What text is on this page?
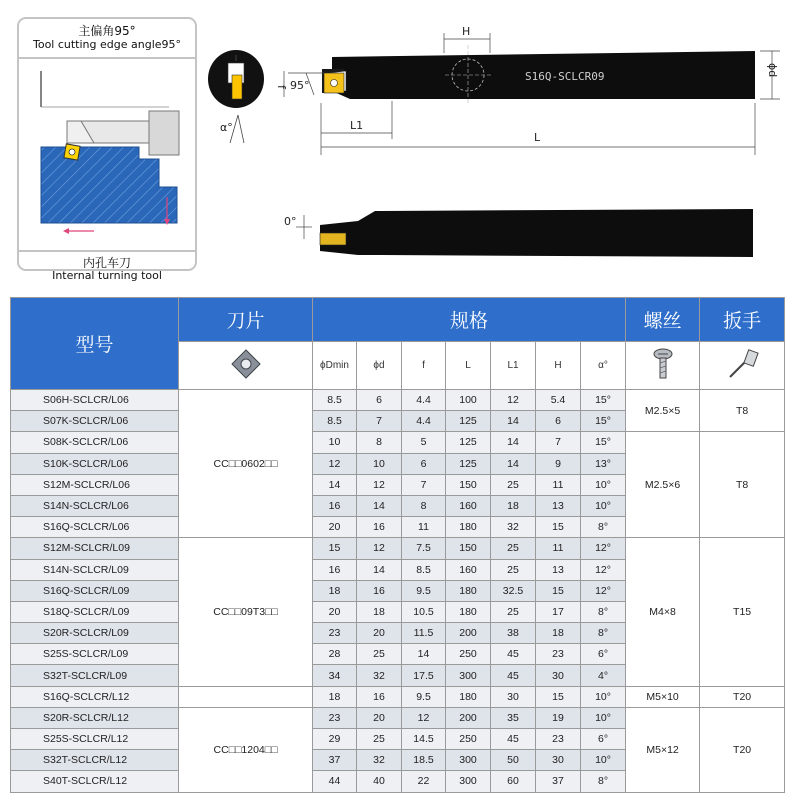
主偏角95°
Tool cutting edge angle95°
内孔车刀
Internal turning tool
α°
S16Q-SCLCR09
H
ϕd
f 95°
L1
L
0°
型号	刀片	规格							螺丝	扳手
	ϕDmin	ϕd	f	L	L1	H	α°		
S06H-SCLCR/L06	CC□□0602□□	8.5	6	4.4	100	12	5.4	15°	M2.5×5	T8
S07K-SCLCR/L06		8.5	7	4.4	125	14	6	15°		
S08K-SCLCR/L06		10	8	5	125	14	7	15°	M2.5×6	T8
S10K-SCLCR/L06		12	10	6	125	14	9	13°		
S12M-SCLCR/L06		14	12	7	150	25	11	10°		
S14N-SCLCR/L06		16	14	8	160	18	13	10°		
S16Q-SCLCR/L06		20	16	11	180	32	15	8°		
S12M-SCLCR/L09	CC□□09T3□□	15	12	7.5	150	25	11	12°	M4×8	T15
S14N-SCLCR/L09		16	14	8.5	160	25	13	12°		
S16Q-SCLCR/L09		18	16	9.5	180	32.5	15	12°		
S18Q-SCLCR/L09		20	18	10.5	180	25	17	8°		
S20R-SCLCR/L09		23	20	11.5	200	38	18	8°		
S25S-SCLCR/L09		28	25	14	250	45	23	6°		
S32T-SCLCR/L09		34	32	17.5	300	45	30	4°		
S16Q-SCLCR/L12		18	16	9.5	180	30	15	10°	M5×10	T20
S20R-SCLCR/L12	CC□□1204□□	23	20	12	200	35	19	10°	M5×12	T20
S25S-SCLCR/L12		29	25	14.5	250	45	23	6°		
S32T-SCLCR/L12		37	32	18.5	300	50	30	10°		
S40T-SCLCR/L12		44	40	22	300	60	37	8°		
